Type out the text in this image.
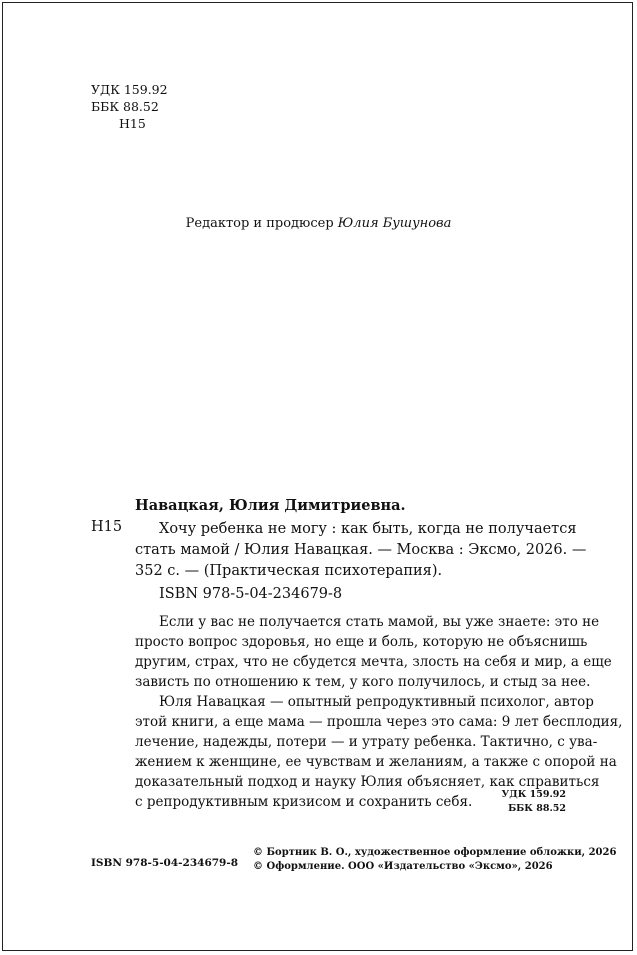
УДК 159.92
ББК 88.52
Н15
Редактор и продюсер Юлия Бушунова
Навацкая, Юлия Димитриевна.
Н15	Хочу ребенка не могу : как быть, когда не получается
стать мамой / Юлия Навацкая. — Москва : Эксмо, 2026. —
352 с. — (Практическая психотерапия).
ISBN 978-5-04-234679-8
Если у вас не получается стать мамой, вы уже знаете: это не
просто вопрос здоровья, но еще и боль, которую не объяснишь
другим, страх, что не сбудется мечта, злость на себя и мир, а еще
зависть по отношению к тем, у кого получилось, и стыд за нее.
Юля Навацкая — опытный репродуктивный психолог, автор
этой книги, а еще мама — прошла через это сама: 9 лет бесплодия,
лечение, надежды, потери — и утрату ребенка. Тактично, с ува-
жением к женщине, ее чувствам и желаниям, а также с опорой на
доказательный подход и науку Юлия объясняет, как справиться
с репродуктивным кризисом и сохранить себя.	УДК 159.92
ББК 88.52
ISBN 978-5-04-234679-8
© Бортник В. О., художественное оформление обложки, 2026
© Оформление. ООО «Издательство «Эксмо», 2026
